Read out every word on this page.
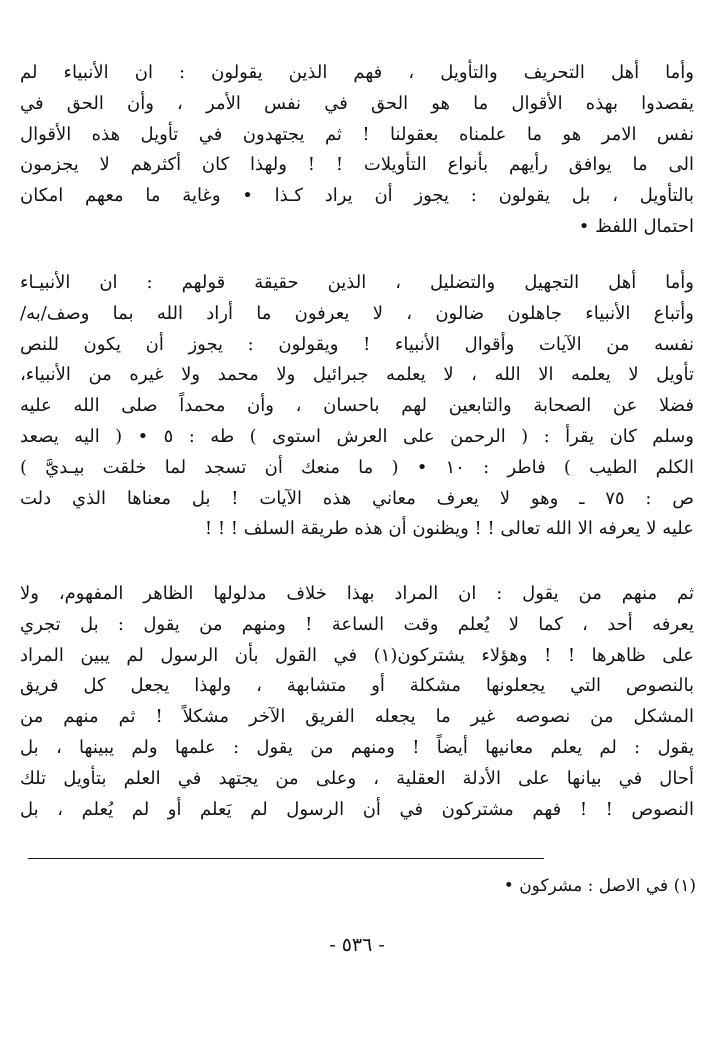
وأما أهل التحريف والتأويل ، فهم الذين يقولون : ان الأنبياء لم
يقصدوا بهذه الأقوال ما هو الحق في نفس الأمر ، وأن الحق في
نفس الامر هو ما علمناه بعقولنا ! ثم يجتهدون في تأويل هذه الأقوال
الى ما يوافق رأيهم بأنواع التأويلات ! ! ولهذا كان أكثرهم لا يجزمون
بالتأويل ، بل يقولون : يجوز أن يراد كـذا • وغاية ما معهم امكان
احتمال اللفظ •

وأما أهل التجهيل والتضليل ، الذين حقيقة قولهم : ان الأنبيـاء
وأتباع الأنبياء جاهلون ضالون ، لا يعرفون ما أراد الله بما وصف/به/
نفسه من الآيات وأقوال الأنبياء ! ويقولون : يجوز أن يكون للنص
تأويل لا يعلمه الا الله ، لا يعلمه جبرائيل ولا محمد ولا غيره من الأنبياء،
فضلا عن الصحابة والتابعين لهم باحسان ، وأن محمداً صلى الله عليه
وسلم كان يقرأ : ( الرحمن على العرش استوى ) طه : ٥ • ( اليه يصعد
الكلم الطيب ) فاطر : ١٠ • ( ما منعك أن تسجد لما خلقت بيـديَّ )
ص : ٧٥ ـ وهو لا يعرف معاني هذه الآيات ! بل معناها الذي دلت
عليه لا يعرفه الا الله تعالى ! ! ويظنون أن هذه طريقة السلف ! ! !

ثم منهم من يقول : ان المراد بهذا خلاف مدلولها الظاهر المفهوم، ولا
يعرفه أحد ، كما لا يُعلم وقت الساعة ! ومنهم من يقول : بل تجري
على ظاهرها ! ! وهؤلاء يشتركون(١) في القول بأن الرسول لم يبين المراد
بالنصوص التي يجعلونها مشكلة أو متشابهة ، ولهذا يجعل كل فريق
المشكل من نصوصه غير ما يجعله الفريق الآخر مشكلاً ! ثم منهم من
يقول : لم يعلم معانيها أيضاً ! ومنهم من يقول : علمها ولم يبينها ، بل
أحال في بيانها على الأدلة العقلية ، وعلى من يجتهد في العلم بتأويل تلك
النصوص ! ! فهم مشتركون في أن الرسول لم يَعلم أو لم يُعلم ، بل

(١) في الاصل : مشركون •

- ٥٣٦ -
